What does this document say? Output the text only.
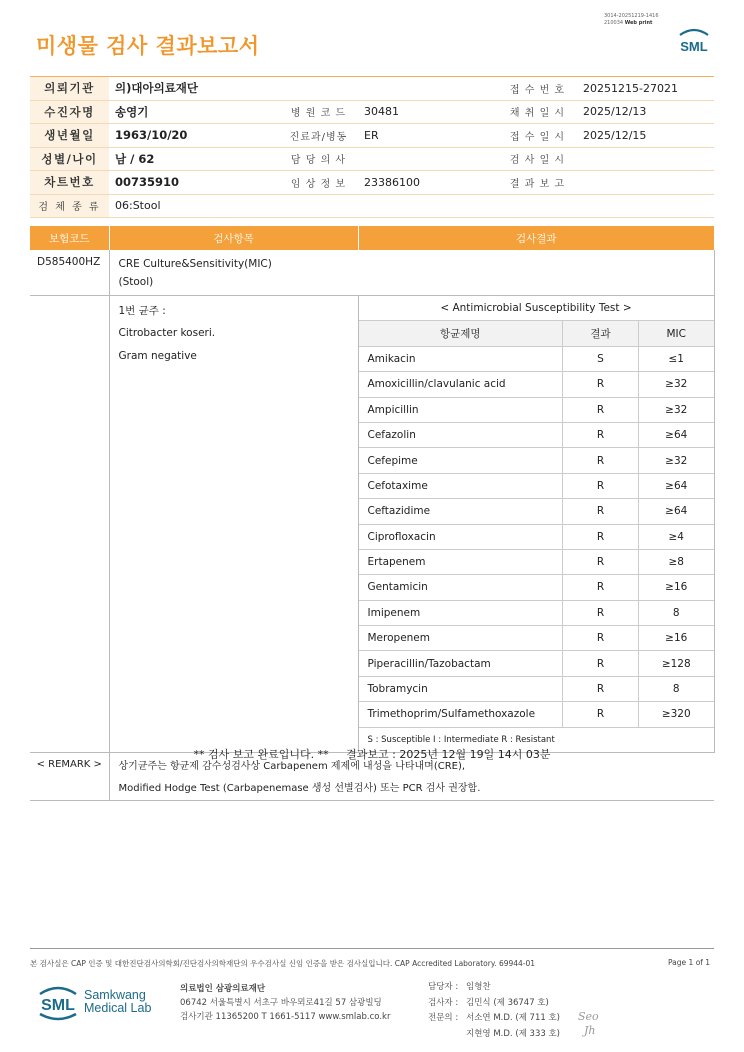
미생물 검사 결과보고서
3014-20251219-1416
210034 Web print
SML
의뢰기관	의)대아의료재단			접 수 번 호	20251215-27021
수진자명	송영기	병 원 코 드	30481	채 취 일 시	2025/12/13
생년월일	1963/10/20	진료과/병동	ER	접 수 일 시	2025/12/15
성별/나이	남 / 62	담 당 의 사		검 사 일 시	
차트번호	00735910	임 상 정 보	23386100	결 과 보 고	
검 체 종 류	06:Stool				
보험코드	검사항목	검사결과
D585400HZ	CRE Culture&Sensitivity(MIC)
(Stool)

1번 균주 :
Citrobacter koseri.
Gram negative

< Antimicrobial Susceptibility Test >
항균제명	결과	MIC
Amikacin	S	≤1
Amoxicillin/clavulanic acid	R	≥32
Ampicillin	R	≥32
Cefazolin	R	≥64
Cefepime	R	≥32
Cefotaxime	R	≥64
Ceftazidime	R	≥64
Ciprofloxacin	R	≥4
Ertapenem	R	≥8
Gentamicin	R	≥16
Imipenem	R	8
Meropenem	R	≥16
Piperacillin/Tazobactam	R	≥128
Tobramycin	R	8
Trimethoprim/Sulfamethoxazole	R	≥320
S : Susceptible I : Intermediate R : Resistant

< REMARK >	상기균주는 항균제 감수성검사상 Carbapenem 제제에 내성을 나타내며(CRE),
Modified Hodge Test (Carbapenemase 생성 선별검사) 또는 PCR 검사 권장함.
** 검사 보고 완료입니다. **     결과보고 : 2025년 12월 19일 14시 03분
본 검사실은 CAP 인증 및 대한진단검사의학회/진단검사의학재단의 우수검사실 신임 인증을 받은 검사실입니다. CAP Accredited Laboratory. 69944-01	Page 1 of 1
SML
Samkwang
Medical Lab
의료법인 삼광의료재단
06742 서울특별시 서초구 바우뫼로41길 57 삼광빌딩
검사기관 11365200 T 1661-5117 www.smlab.co.kr
담당자 : 임형찬
검사자 : 김민식 (제 36747 호)
전문의 : 서소연 M.D. (제 711 호)
지현영 M.D. (제 333 호)
Seo
Jh
